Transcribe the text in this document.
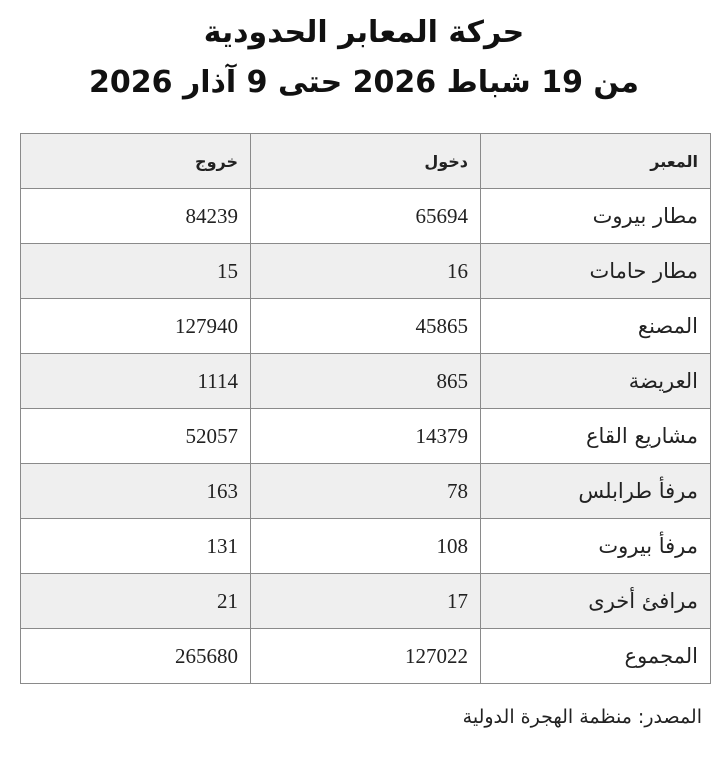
حركة المعابر الحدودية
من 19 شباط 2026 حتى 9 آذار 2026
المعبر	دخول	خروج
مطار بيروت	65694	84239
مطار حامات	16	15
المصنع	45865	127940
العريضة	865	1114
مشاريع القاع	14379	52057
مرفأ طرابلس	78	163
مرفأ بيروت	108	131
مرافئ أخرى	17	21
المجموع	127022	265680
المصدر: منظمة الهجرة الدولية
